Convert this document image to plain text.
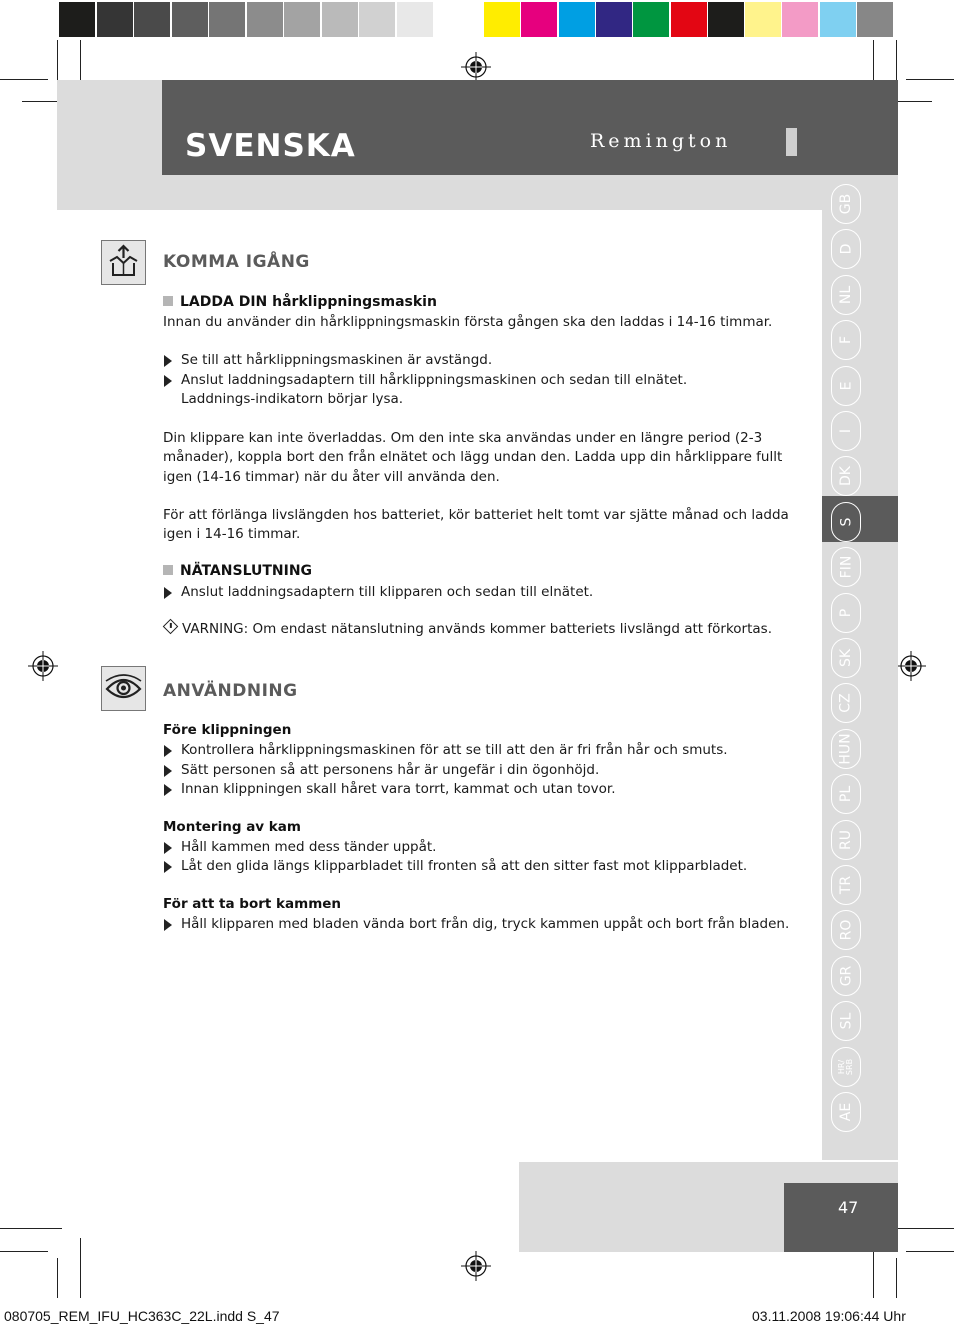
SVENSKA	Remington
GB
D
NL
F
E
I
DK
S
FIN
P
SK
CZ
HUN
PL
RU
TR
RO
GR
SL
HR/
SRB
AE
KOMMA IGÅNG
LADDA DIN hårklippningsmaskin
Innan du använder din hårklippningsmaskin första gången ska den laddas i 14-16 timmar.
Se till att hårklippningsmaskinen är avstängd.
Anslut laddningsadaptern till hårklippningsmaskinen och sedan till elnätet. Laddnings-indikatorn börjar lysa.
Din klippare kan inte överladdas. Om den inte ska användas under en längre period (2-3 månader), koppla bort den från elnätet och lägg undan den. Ladda upp din hårklippare fullt igen (14-16 timmar) när du åter vill använda den.
För att förlänga livslängden hos batteriet, kör batteriet helt tomt var sjätte månad och ladda igen i 14-16 timmar.
NÄTANSLUTNING
Anslut laddningsadaptern till klipparen och sedan till elnätet.
VARNING: Om endast nätanslutning används kommer batteriets livslängd att förkortas.
ANVÄNDNING
Före klippningen
Kontrollera hårklippningsmaskinen för att se till att den är fri från hår och smuts.
Sätt personen så att personens hår är ungefär i din ögonhöjd.
Innan klippningen skall håret vara torrt, kammat och utan tovor.
Montering av kam
Håll kammen med dess tänder uppåt.
Låt den glida längs klipparbladet till fronten så att den sitter fast mot klipparbladet.
För att ta bort kammen
Håll klipparen med bladen vända bort från dig, tryck kammen uppåt och bort från bladen.
47
080705_REM_IFU_HC363C_22L.indd S_47	03.11.2008 19:06:44 Uhr
